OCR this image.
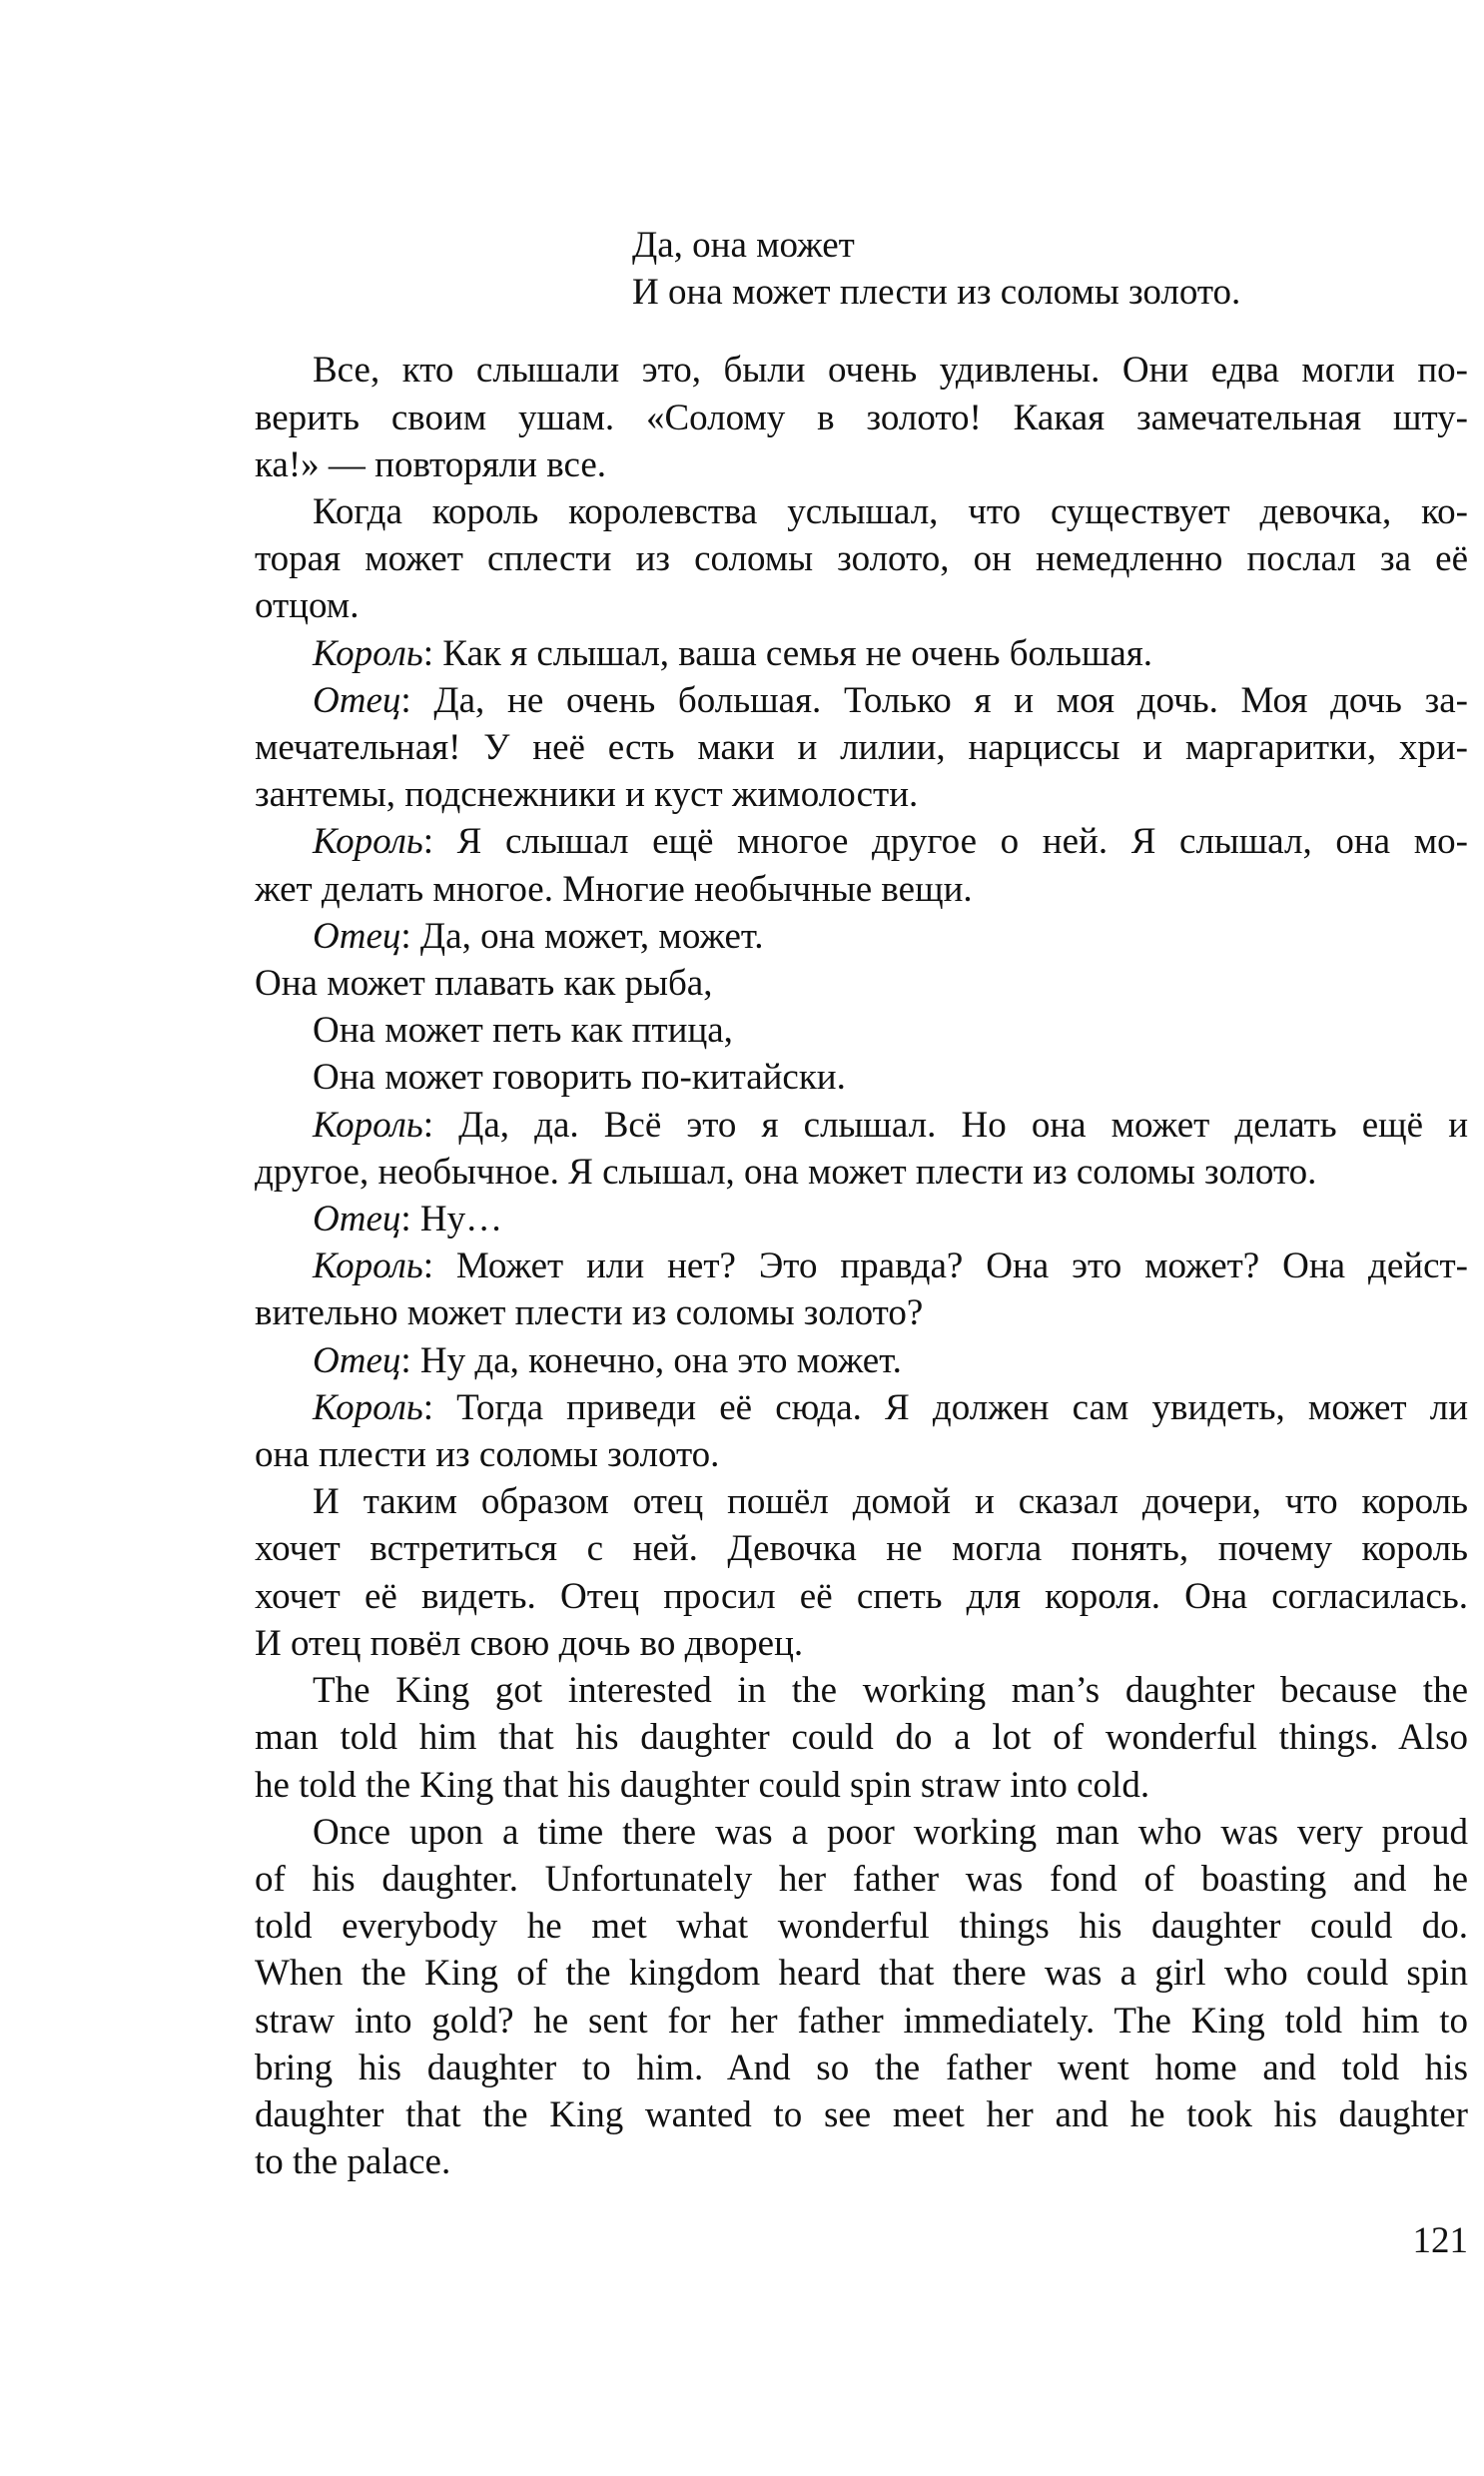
Да, она может
И она может плести из соломы золото.
Все, кто слышали это, были очень удивлены. Они едва могли по-
верить своим ушам. «Солому в золото! Какая замечательная шту-
ка!» — повторяли все.
Когда король королевства услышал, что существует девочка, ко-
торая может сплести из соломы золото, он немедленно послал за её
отцом.
Король: Как я слышал, ваша семья не очень большая.
Отец: Да, не очень большая. Только я и моя дочь. Моя дочь за-
мечательная! У неё есть маки и лилии, нарциссы и маргаритки, хри-
зантемы, подснежники и куст жимолости.
Король: Я слышал ещё многое другое о ней. Я слышал, она мо-
жет делать многое. Многие необычные вещи.
Отец: Да, она может, может.
Она может плавать как рыба,
Она может петь как птица,
Она может говорить по-китайски.
Король: Да, да. Всё это я слышал. Но она может делать ещё и
другое, необычное. Я слышал, она может плести из соломы золото.
Отец: Ну…
Король: Может или нет? Это правда? Она это может? Она дейст-
вительно может плести из соломы золото?
Отец: Ну да, конечно, она это может.
Король: Тогда приведи её сюда. Я должен сам увидеть, может ли
она плести из соломы золото.
И таким образом отец пошёл домой и сказал дочери, что король
хочет встретиться с ней. Девочка не могла понять, почему король
хочет её видеть. Отец просил её спеть для короля. Она согласилась.
И отец повёл свою дочь во дворец.
The King got interested in the working man’s daughter because the
man told him that his daughter could do a lot of wonderful things. Also
he told the King that his daughter could spin straw into cold.
Once upon a time there was a poor working man who was very proud
of his daughter. Unfortunately her father was fond of boasting and he
told everybody he met what wonderful things his daughter could do.
When the King of the kingdom heard that there was a girl who could spin
straw into gold? he sent for her father immediately. The King told him to
bring his daughter to him. And so the father went home and told his
daughter that the King wanted to see meet her and he took his daughter
to the palace.
121
